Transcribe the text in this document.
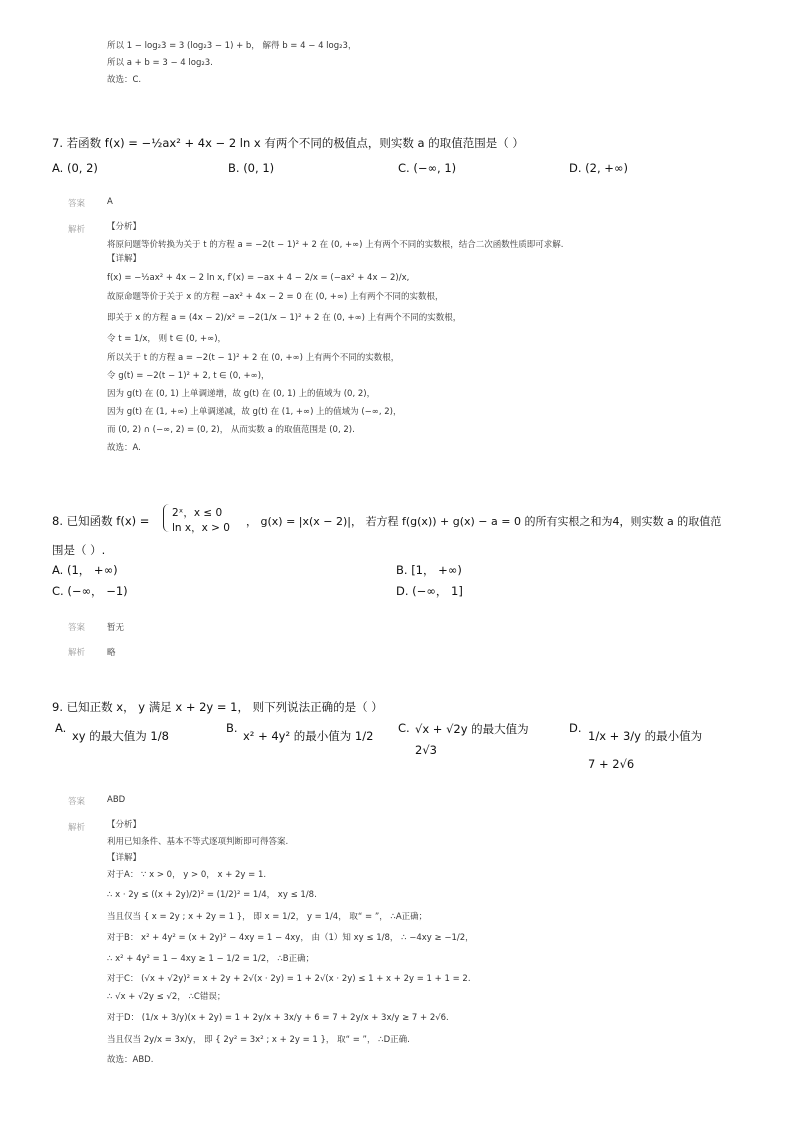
所以 1 − log₂3 = 3 (log₂3 − 1) + b， 解得 b = 4 − 4 log₂3，
所以 a + b = 3 − 4 log₂3.
故选：C.
7. 若函数 f(x) = −½ax² + 4x − 2 ln x 有两个不同的极值点，则实数 a 的取值范围是（ ）
A. (0, 2)	B. (0, 1)	C. (−∞, 1)	D. (2, +∞)
答案	A
解析	【分析】
将原问题等价转换为关于 t 的方程 a = −2(t − 1)² + 2 在 (0, +∞) 上有两个不同的实数根，结合二次函数性质即可求解.
【详解】
f(x) = −½ax² + 4x − 2 ln x, f′(x) = −ax + 4 − 2/x = (−ax² + 4x − 2)/x,
故原命题等价于关于 x 的方程 −ax² + 4x − 2 = 0 在 (0, +∞) 上有两个不同的实数根，
即关于 x 的方程 a = (4x − 2)/x² = −2(1/x − 1)² + 2 在 (0, +∞) 上有两个不同的实数根，
令 t = 1/x， 则 t ∈ (0, +∞)，
所以关于 t 的方程 a = −2(t − 1)² + 2 在 (0, +∞) 上有两个不同的实数根，
令 g(t) = −2(t − 1)² + 2, t ∈ (0, +∞)，
因为 g(t) 在 (0, 1) 上单调递增，故 g(t) 在 (0, 1) 上的值域为 (0, 2)，
因为 g(t) 在 (1, +∞) 上单调递减，故 g(t) 在 (1, +∞) 上的值域为 (−∞, 2)，
而 (0, 2) ∩ (−∞, 2) = (0, 2)， 从而实数 a 的取值范围是 (0, 2).
故选：A.
8. 已知函数 f(x) =
2ˣ，x ≤ 0
ln x，x > 0 ， g(x) = |x(x − 2)|， 若方程 f(g(x)) + g(x) − a = 0 的所有实根之和为4，则实数 a 的取值范
围是（ ）.
A. (1， +∞)	B. [1， +∞)
C. (−∞， −1)	D. (−∞， 1]
答案	暂无
解析	略
9. 已知正数 x， y 满足 x + 2y = 1， 则下列说法正确的是（ ）
A.
xy 的最大值为 1/8
B.
x² + 4y² 的最小值为 1/2
C. √x + √2y 的最大值为
2√3
D.
1/x + 3/y 的最小值为
7 + 2√6
答案	ABD
解析	【分析】
利用已知条件、基本不等式逐项判断即可得答案.
【详解】
对于A： ∵ x > 0， y > 0， x + 2y = 1.
∴ x · 2y ≤ ((x + 2y)/2)² = (1/2)² = 1/4， xy ≤ 1/8.
当且仅当 { x = 2y ; x + 2y = 1 }， 即 x = 1/2， y = 1/4， 取“ = ”， ∴A正确；
对于B： x² + 4y² = (x + 2y)² − 4xy = 1 − 4xy， 由（1）知 xy ≤ 1/8， ∴ −4xy ≥ −1/2，
∴ x² + 4y² = 1 − 4xy ≥ 1 − 1/2 = 1/2， ∴B正确；
对于C： (√x + √2y)² = x + 2y + 2√(x · 2y) = 1 + 2√(x · 2y) ≤ 1 + x + 2y = 1 + 1 = 2.
∴ √x + √2y ≤ √2， ∴C错误；
对于D： (1/x + 3/y)(x + 2y) = 1 + 2y/x + 3x/y + 6 = 7 + 2y/x + 3x/y ≥ 7 + 2√6.
当且仅当 2y/x = 3x/y， 即 { 2y² = 3x² ; x + 2y = 1 }， 取“ = ”， ∴D正确.
故选：ABD.
